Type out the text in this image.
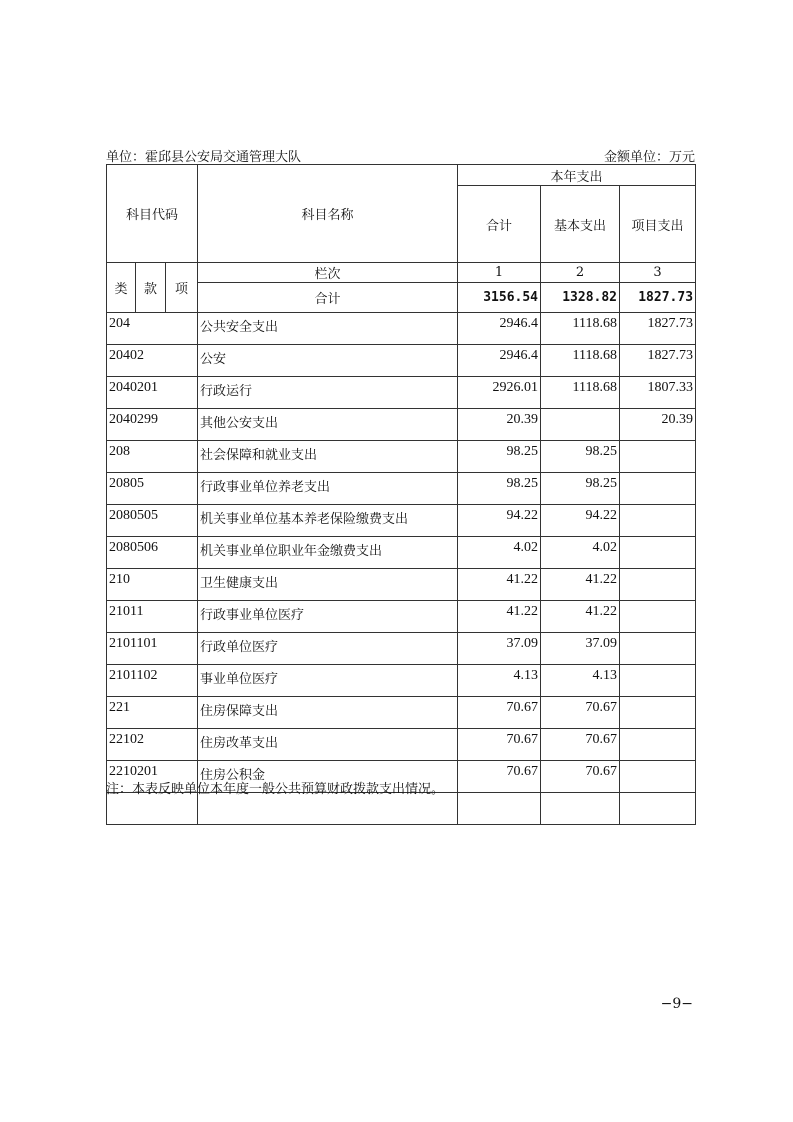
单位：霍邱县公安局交通管理大队	金额单位：万元
科目代码			科目名称	本年支出		
				合计	基本支出	项目支出
类	款	项	栏次	1	2	3
			合计	3156.54	1328.82	1827.73
204			公共安全支出	2946.4	1118.68	1827.73
20402			公安	2946.4	1118.68	1827.73
2040201			行政运行	2926.01	1118.68	1807.33
2040299			其他公安支出	20.39		20.39
208			社会保障和就业支出	98.25	98.25	
20805			行政事业单位养老支出	98.25	98.25	
2080505			机关事业单位基本养老保险缴费支出	94.22	94.22	
2080506			机关事业单位职业年金缴费支出	4.02	4.02	
210			卫生健康支出	41.22	41.22	
21011			行政事业单位医疗	41.22	41.22	
2101101			行政单位医疗	37.09	37.09	
2101102			事业单位医疗	4.13	4.13	
221			住房保障支出	70.67	70.67	
22102			住房改革支出	70.67	70.67	
2210201			住房公积金	70.67	70.67	

注：本表反映单位本年度一般公共预算财政拨款支出情况。
−9−
